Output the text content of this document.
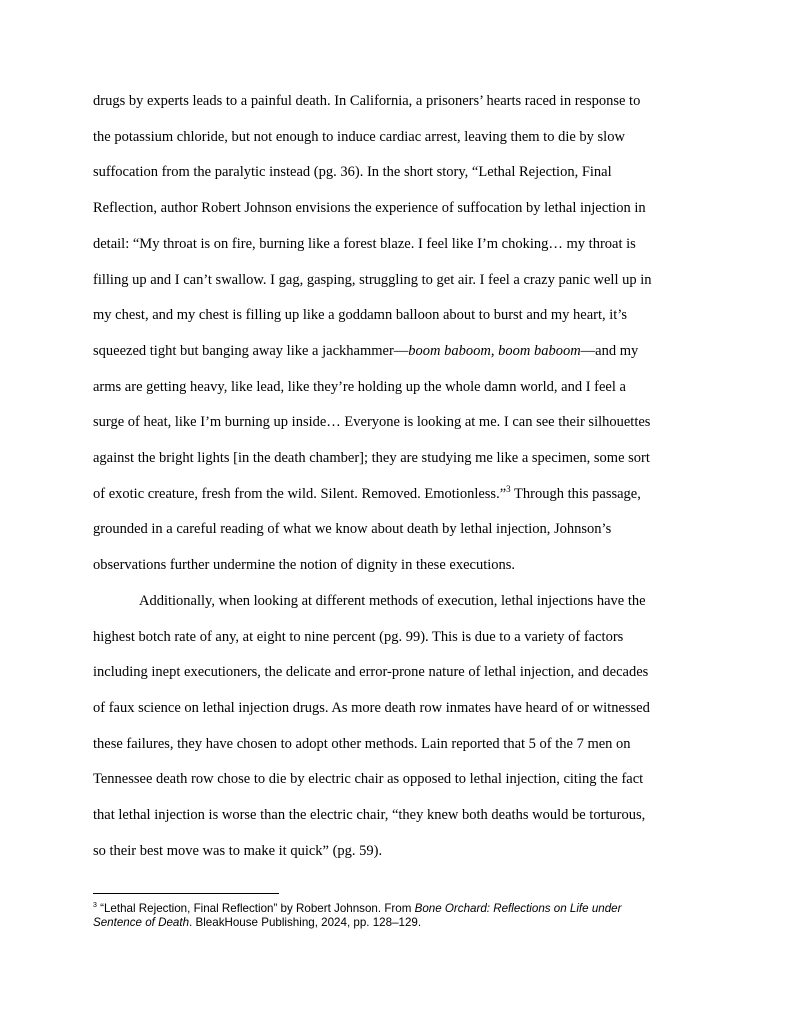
drugs by experts leads to a painful death. In California, a prisoners’ hearts raced in response to
the potassium chloride, but not enough to induce cardiac arrest, leaving them to die by slow
suffocation from the paralytic instead (pg. 36). In the short story, “Lethal Rejection, Final
Reflection, author Robert Johnson envisions the experience of suffocation by lethal injection in
detail: “My throat is on fire, burning like a forest blaze. I feel like I’m choking… my throat is
filling up and I can’t swallow. I gag, gasping, struggling to get air. I feel a crazy panic well up in
my chest, and my chest is filling up like a goddamn balloon about to burst and my heart, it’s
squeezed tight but banging away like a jackhammer—boom baboom, boom baboom—and my
arms are getting heavy, like lead, like they’re holding up the whole damn world, and I feel a
surge of heat, like I’m burning up inside… Everyone is looking at me. I can see their silhouettes
against the bright lights [in the death chamber]; they are studying me like a specimen, some sort
of exotic creature, fresh from the wild. Silent. Removed. Emotionless.”$^3$ Through this passage,
grounded in a careful reading of what we know about death by lethal injection, Johnson’s
observations further undermine the notion of dignity in these executions.

Additionally, when looking at different methods of execution, lethal injections have the
highest botch rate of any, at eight to nine percent (pg. 99). This is due to a variety of factors
including inept executioners, the delicate and error-prone nature of lethal injection, and decades
of faux science on lethal injection drugs. As more death row inmates have heard of or witnessed
these failures, they have chosen to adopt other methods. Lain reported that 5 of the 7 men on
Tennessee death row chose to die by electric chair as opposed to lethal injection, citing the fact
that lethal injection is worse than the electric chair, “they knew both deaths would be torturous,
so their best move was to make it quick” (pg. 59).

$^3$ “Lethal Rejection, Final Reflection” by Robert Johnson. From Bone Orchard: Reflections on Life under
Sentence of Death. BleakHouse Publishing, 2024, pp. 128–129.
